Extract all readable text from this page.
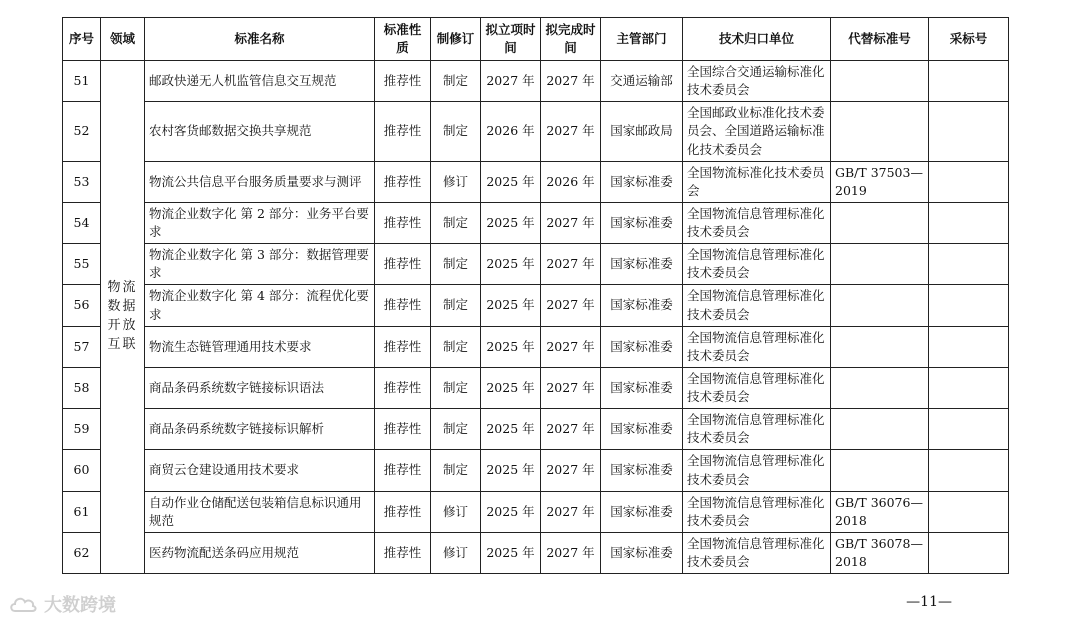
序号	领域	标准名称	标准性质	制修订	拟立项时间	拟完成时间	主管部门	技术归口单位	代替标准号	采标号
51	物流数据开放互联	邮政快递无人机监管信息交互规范	推荐性	制定	2027 年	2027 年	交通运输部	全国综合交通运输标准化技术委员会		
52		农村客货邮数据交换共享规范	推荐性	制定	2026 年	2027 年	国家邮政局	全国邮政业标准化技术委员会、全国道路运输标准化技术委员会		
53		物流公共信息平台服务质量要求与测评	推荐性	修订	2025 年	2026 年	国家标准委	全国物流标准化技术委员会	GB/T 37503—2019	
54		物流企业数字化 第 2 部分：业务平台要求	推荐性	制定	2025 年	2027 年	国家标准委	全国物流信息管理标准化技术委员会		
55		物流企业数字化 第 3 部分：数据管理要求	推荐性	制定	2025 年	2027 年	国家标准委	全国物流信息管理标准化技术委员会		
56		物流企业数字化 第 4 部分：流程优化要求	推荐性	制定	2025 年	2027 年	国家标准委	全国物流信息管理标准化技术委员会		
57		物流生态链管理通用技术要求	推荐性	制定	2025 年	2027 年	国家标准委	全国物流信息管理标准化技术委员会		
58		商品条码系统数字链接标识语法	推荐性	制定	2025 年	2027 年	国家标准委	全国物流信息管理标准化技术委员会		
59		商品条码系统数字链接标识解析	推荐性	制定	2025 年	2027 年	国家标准委	全国物流信息管理标准化技术委员会		
60		商贸云仓建设通用技术要求	推荐性	制定	2025 年	2027 年	国家标准委	全国物流信息管理标准化技术委员会		
61		自动作业仓储配送包装箱信息标识通用规范	推荐性	修订	2025 年	2027 年	国家标准委	全国物流信息管理标准化技术委员会	GB/T 36076—2018	
62		医药物流配送条码应用规范	推荐性	修订	2025 年	2027 年	国家标准委	全国物流信息管理标准化技术委员会	GB/T 36078—2018	
大数跨境	—11—
